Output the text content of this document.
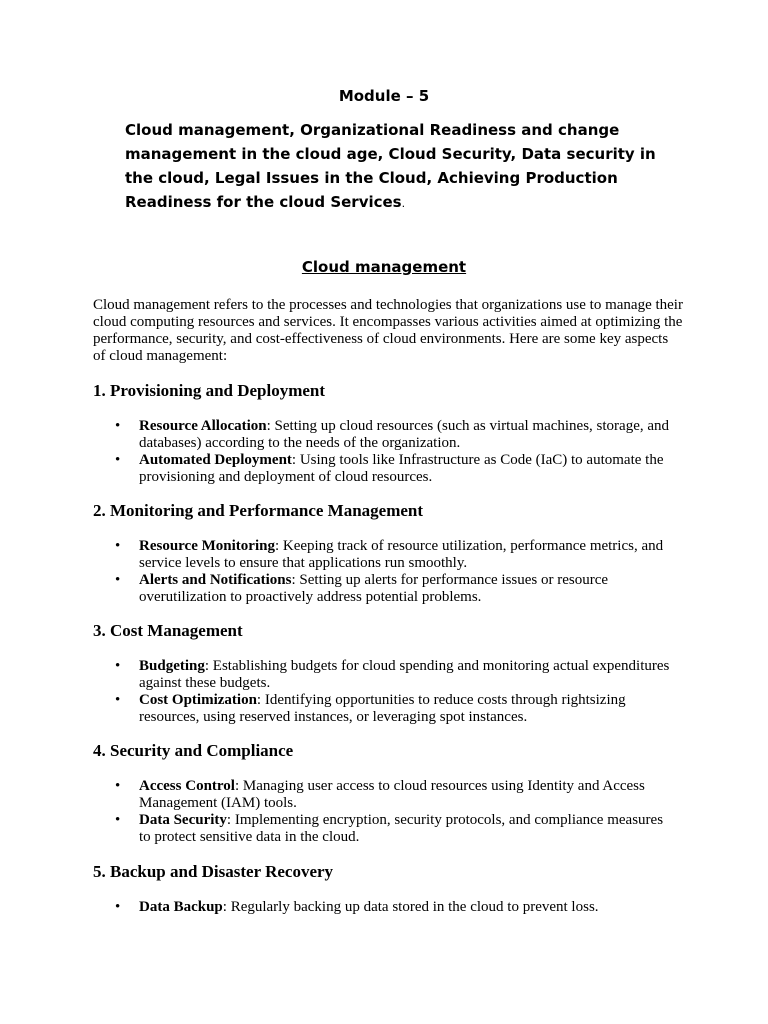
Module – 5
Cloud management, Organizational Readiness and change management in the cloud age, Cloud Security, Data security in the cloud, Legal Issues in the Cloud, Achieving Production Readiness for the cloud Services.
Cloud management

Cloud management refers to the processes and technologies that organizations use to manage their cloud computing resources and services. It encompasses various activities aimed at optimizing the performance, security, and cost-effectiveness of cloud environments. Here are some key aspects of cloud management:

1. Provisioning and Deployment
• Resource Allocation: Setting up cloud resources (such as virtual machines, storage, and databases) according to the needs of the organization.
• Automated Deployment: Using tools like Infrastructure as Code (IaC) to automate the provisioning and deployment of cloud resources.
2. Monitoring and Performance Management
• Resource Monitoring: Keeping track of resource utilization, performance metrics, and service levels to ensure that applications run smoothly.
• Alerts and Notifications: Setting up alerts for performance issues or resource overutilization to proactively address potential problems.
3. Cost Management
• Budgeting: Establishing budgets for cloud spending and monitoring actual expenditures against these budgets.
• Cost Optimization: Identifying opportunities to reduce costs through rightsizing resources, using reserved instances, or leveraging spot instances.
4. Security and Compliance
• Access Control: Managing user access to cloud resources using Identity and Access Management (IAM) tools.
• Data Security: Implementing encryption, security protocols, and compliance measures to protect sensitive data in the cloud.
5. Backup and Disaster Recovery
• Data Backup: Regularly backing up data stored in the cloud to prevent loss.
